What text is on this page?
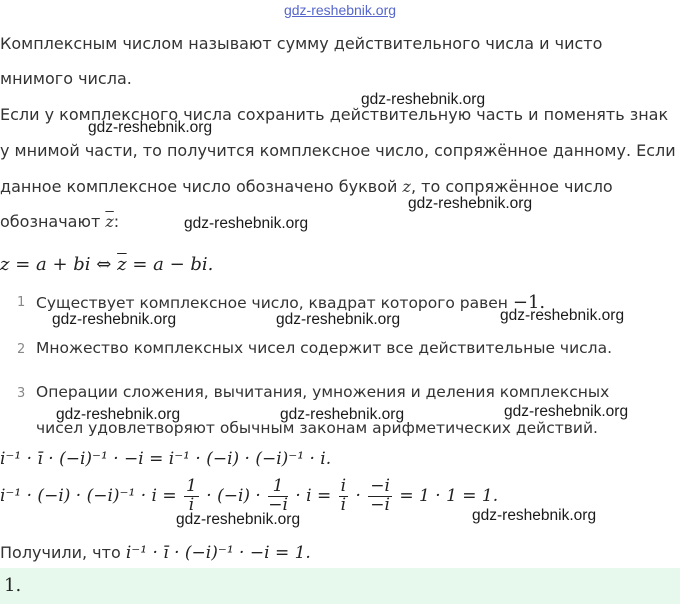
gdz-reshebnik.org
Комплексным числом называют сумму действительного числа и чисто
мнимого числа.
Если у комплексного числа сохранить действительную часть и поменять знак
у мнимой части, то получится комплексное число, сопряжённое данному. Если
данное комплексное число обозначено буквой z, то сопряжённое число
обозначают $\overline{z}$:
z = a + bi ⇔ $\overline{z} = a$ − bi.
1 Существует комплексное число, квадрат которого равен −1.
2 Множество комплексных чисел содержит все действительные числа.
3 Операции сложения, вычитания, умножения и деления комплексных
чисел удовлетворяют обычным законам арифметических действий.
i⁻¹ · ī · (−i)⁻¹ · −i = i⁻¹ · (−i) · (−i)⁻¹ · i.
$i^{-1} \cdot (-i) \cdot (-i)^{-1} \cdot i = \frac{1}{i} \cdot (-i) \cdot \frac{1}{-i} \cdot i = \frac{i}{i} \cdot \frac{-i}{-i} = 1 \cdot 1 = 1$.
Получили, что i⁻¹ · ī · (−i)⁻¹ · −i = 1.
1.
gdz-reshebnik.org
gdz-reshebnik.org
gdz-reshebnik.org
gdz-reshebnik.org
gdz-reshebnik.org	gdz-reshebnik.org	gdz-reshebnik.org
gdz-reshebnik.org	gdz-reshebnik.org	gdz-reshebnik.org
gdz-reshebnik.org	gdz-reshebnik.org
